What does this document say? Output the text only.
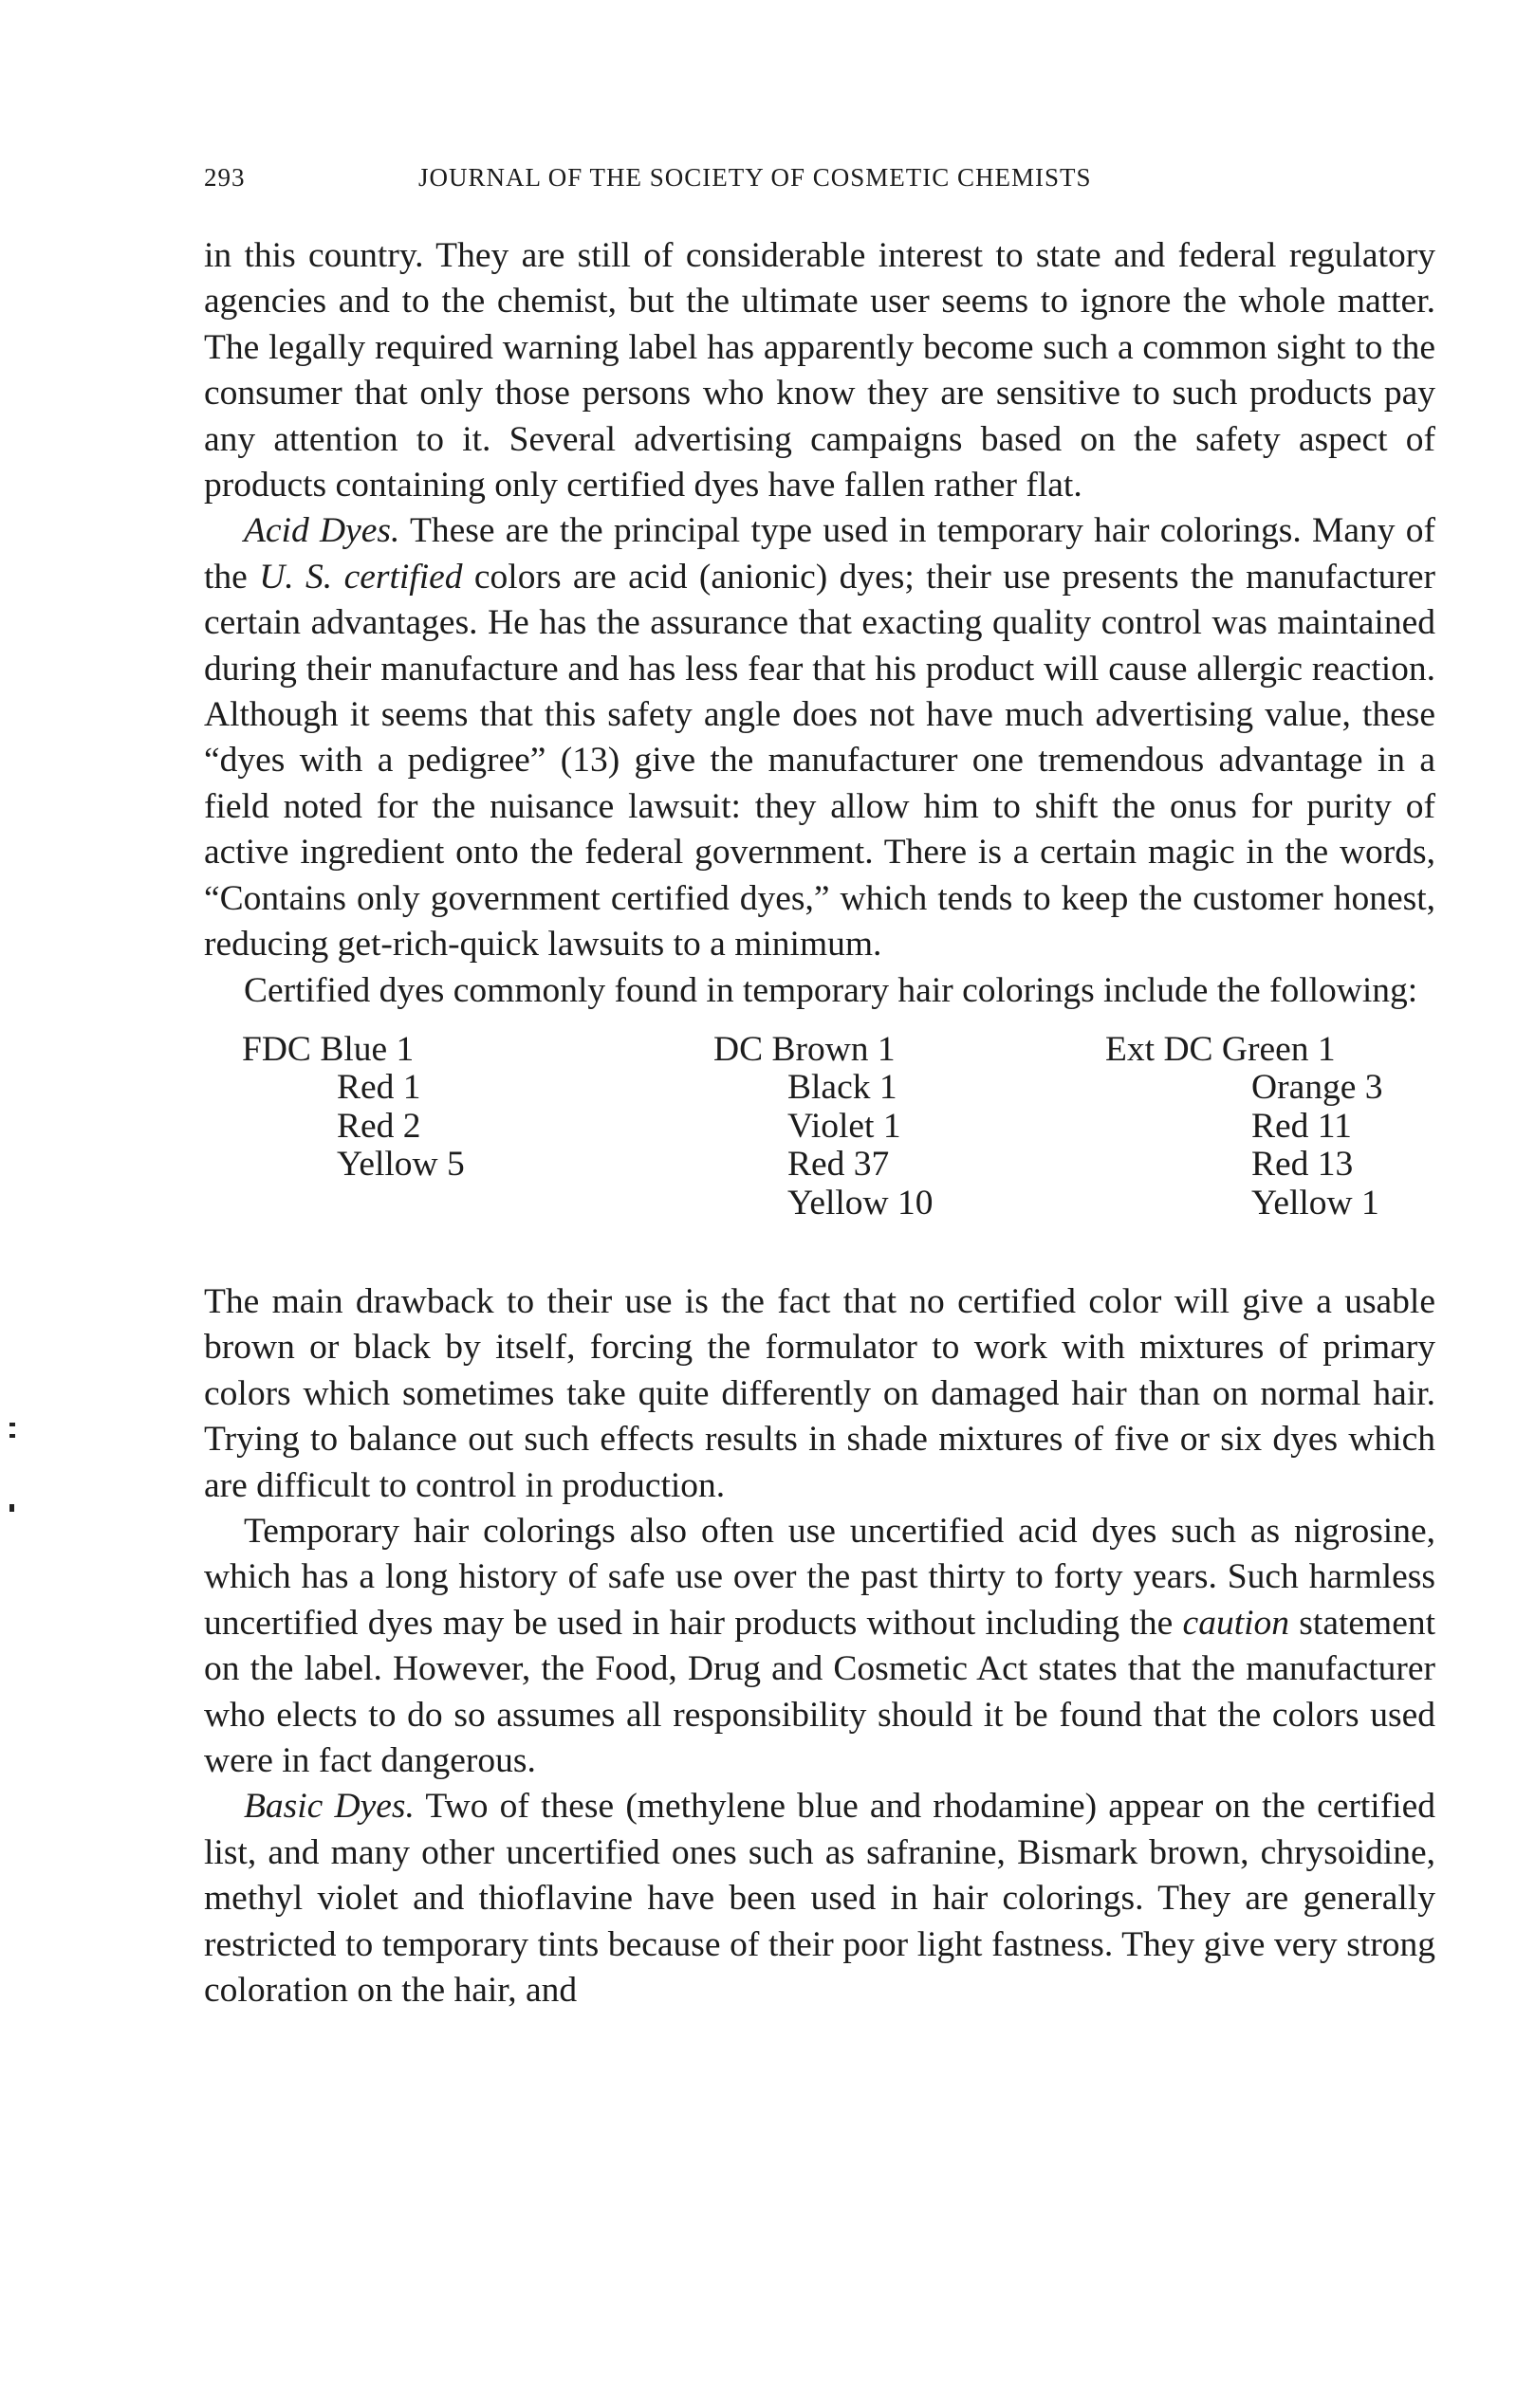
293	JOURNAL OF THE SOCIETY OF COSMETIC CHEMISTS

in this country. They are still of considerable interest to state and federal regulatory agencies and to the chemist, but the ultimate user seems to ignore the whole matter. The legally required warning label has apparently become such a common sight to the consumer that only those persons who know they are sensitive to such products pay any attention to it. Several advertising campaigns based on the safety aspect of products containing only certified dyes have fallen rather flat.

Acid Dyes. These are the principal type used in temporary hair colorings. Many of the U. S. certified colors are acid (anionic) dyes; their use presents the manufacturer certain advantages. He has the assurance that exacting quality control was maintained during their manufacture and has less fear that his product will cause allergic reaction. Although it seems that this safety angle does not have much advertising value, these “dyes with a pedigree” (13) give the manufacturer one tremendous advantage in a field noted for the nuisance lawsuit: they allow him to shift the onus for purity of active ingredient onto the federal government. There is a certain magic in the words, “Contains only government certified dyes,” which tends to keep the customer honest, reducing get-rich-quick lawsuits to a minimum.

Certified dyes commonly found in temporary hair colorings include the following:

FDC Blue 1
Red 1
Red 2
Yellow 5
DC Brown 1
Black 1
Violet 1
Red 37
Yellow 10
Ext DC Green 1
Orange 3
Red 11
Red 13
Yellow 1

The main drawback to their use is the fact that no certified color will give a usable brown or black by itself, forcing the formulator to work with mixtures of primary colors which sometimes take quite differently on damaged hair than on normal hair. Trying to balance out such effects results in shade mixtures of five or six dyes which are difficult to control in production.

Temporary hair colorings also often use uncertified acid dyes such as nigrosine, which has a long history of safe use over the past thirty to forty years. Such harmless uncertified dyes may be used in hair products without including the caution statement on the label. However, the Food, Drug and Cosmetic Act states that the manufacturer who elects to do so assumes all responsibility should it be found that the colors used were in fact dangerous.

Basic Dyes. Two of these (methylene blue and rhodamine) appear on the certified list, and many other uncertified ones such as safranine, Bismark brown, chrysoidine, methyl violet and thioflavine have been used in hair colorings. They are generally restricted to temporary tints because of their poor light fastness. They give very strong coloration on the hair, and
